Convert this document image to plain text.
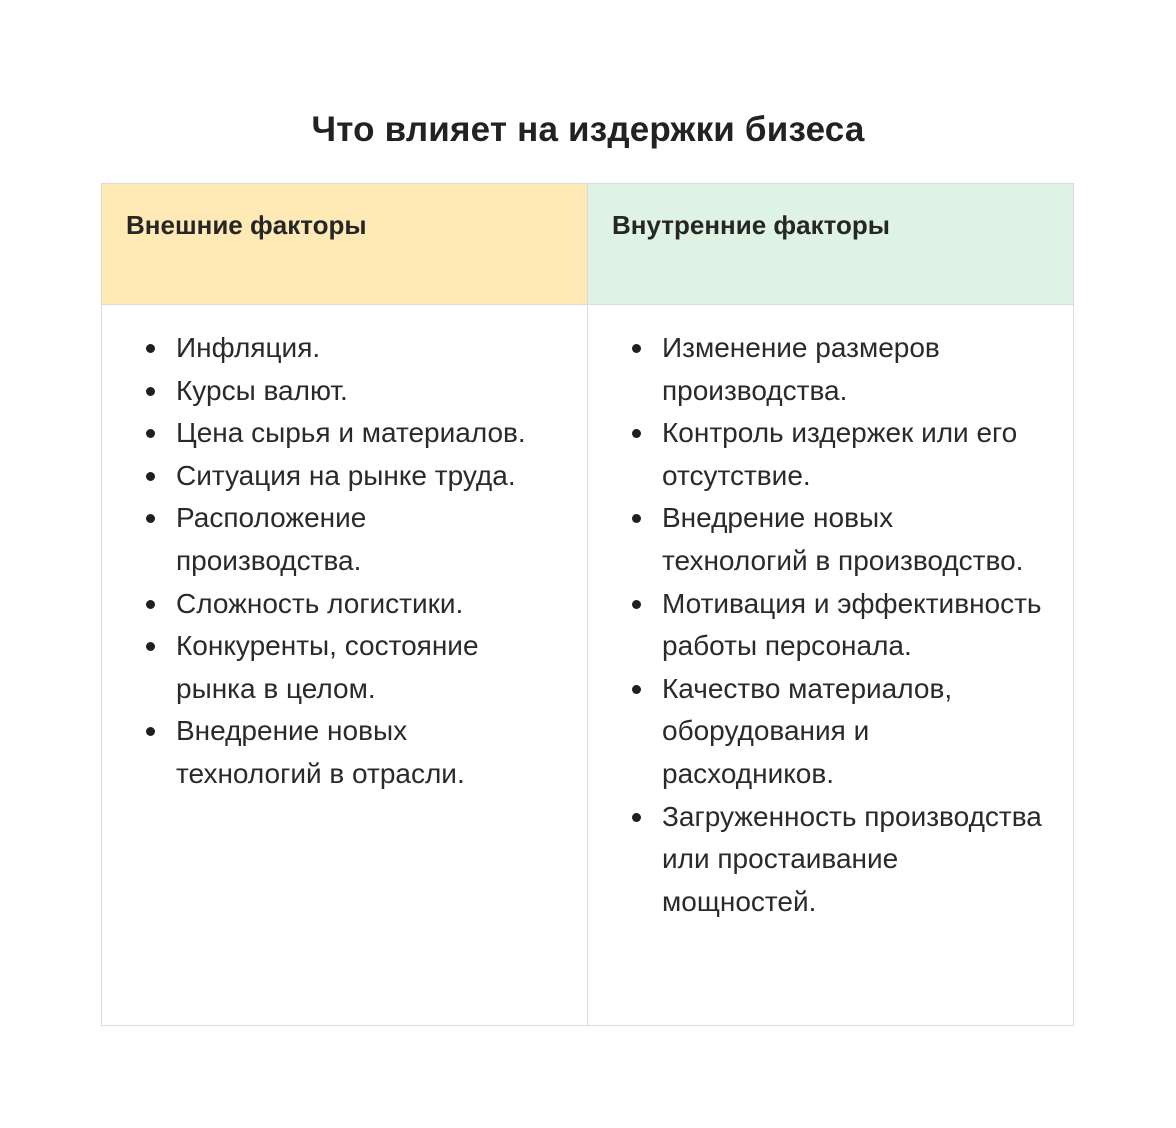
Что влияет на издержки бизеса
Внешние факторы	Внутренние факторы
Инфляция.
Курсы валют.
Цена сырья и материалов.
Ситуация на рынке труда.
Расположение производства.
Сложность логистики.
Конкуренты, состояние рынка в целом.
Внедрение новых технологий в отрасли.
Изменение размеров производства.
Контроль издержек или его отсутствие.
Внедрение новых технологий в производство.
Мотивация и эффективность работы персонала.
Качество материалов, оборудования и расходников.
Загруженность производства или простаивание мощностей.
